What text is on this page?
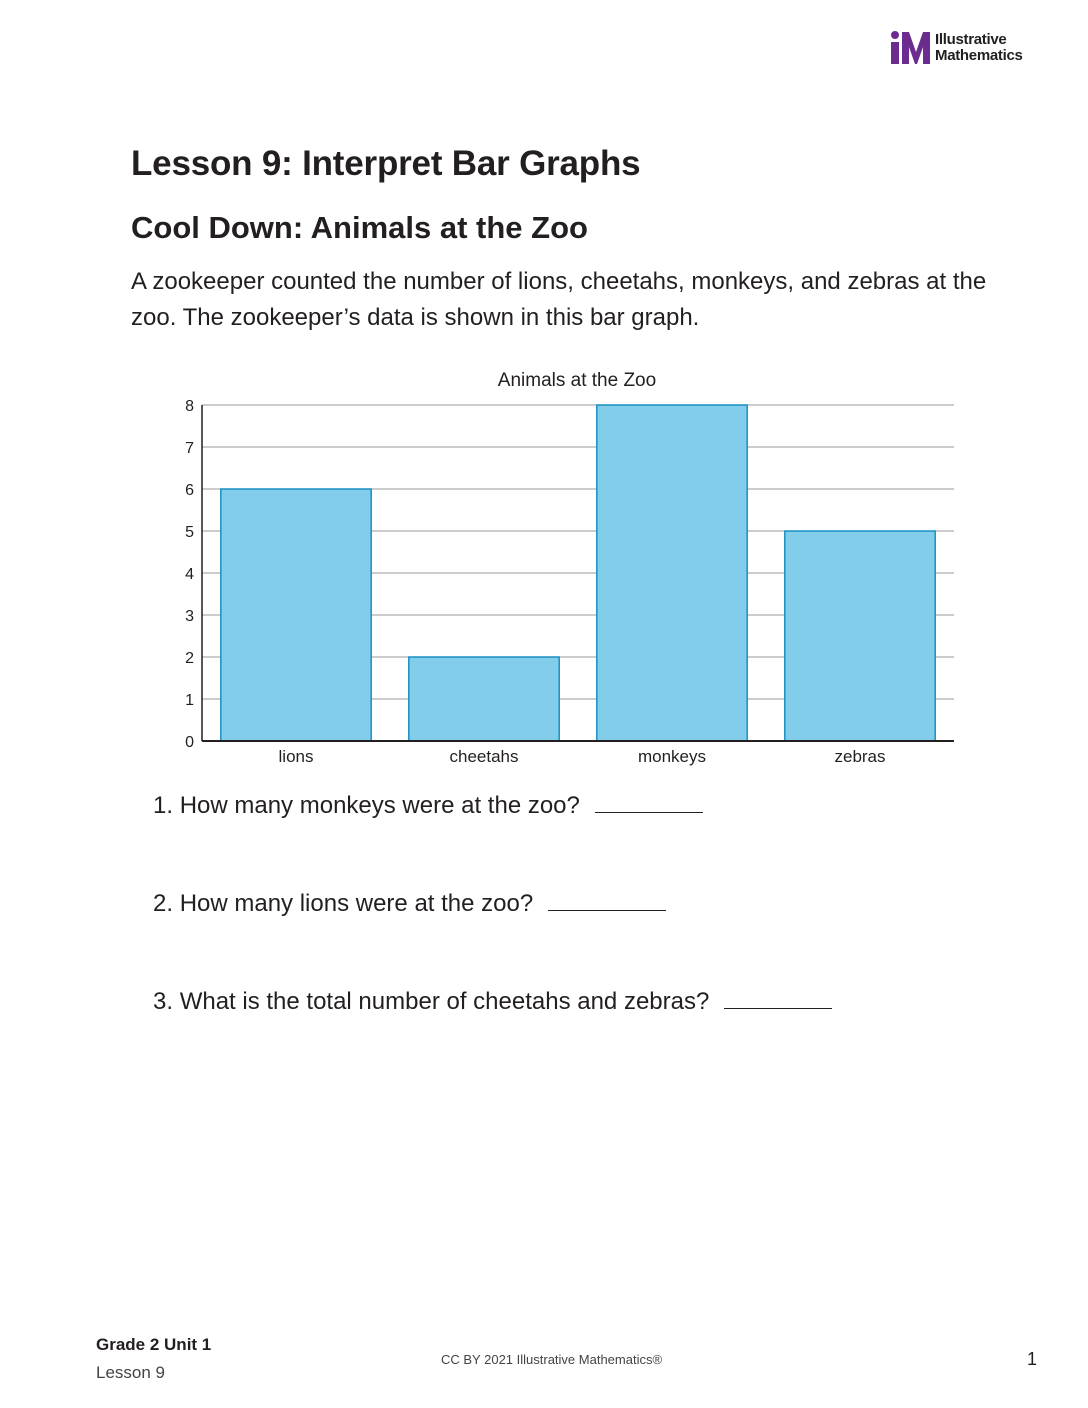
Illustrative
Mathematics
Lesson 9: Interpret Bar Graphs
Cool Down: Animals at the Zoo

A zookeeper counted the number of lions, cheetahs, monkeys, and zebras at the zoo. The zookeeper’s data is shown in this bar graph.

Animals at the Zoo
0
1
2
3
4
5
6
7
8
lions	cheetahs	monkeys	zebras
1. How many monkeys were at the zoo?
2. How many lions were at the zoo?
3. What is the total number of cheetahs and zebras?
Grade 2 Unit 1
Lesson 9
CC BY 2021 Illustrative Mathematics®	1
